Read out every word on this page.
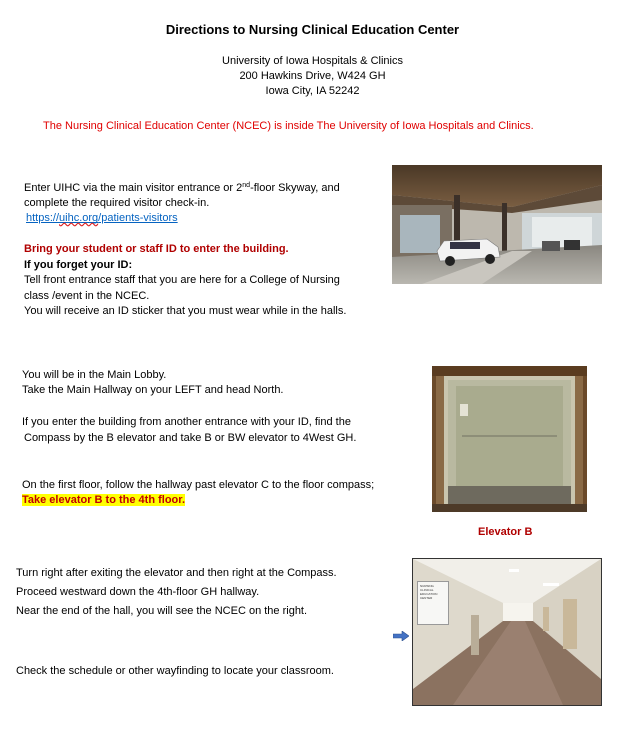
Directions to Nursing Clinical Education Center
University of Iowa Hospitals & Clinics
200 Hawkins Drive, W424 GH
Iowa City, IA 52242
The Nursing Clinical Education Center (NCEC) is inside The University of Iowa Hospitals and Clinics.
Enter UIHC via the main visitor entrance or 2nd-floor Skyway, and
complete the required visitor check-in.
https://uihc.org/patients-visitors
Bring your student or staff ID to enter the building.
If you forget your ID:
Tell front entrance staff that you are here for a College of Nursing
class /event in the NCEC.
You will receive an ID sticker that you must wear while in the halls.
You will be in the Main Lobby.
Take the Main Hallway on your LEFT and head North.
If you enter the building from another entrance with your ID, find the
Compass by the B elevator and take B or BW elevator to 4West GH.
On the first floor, follow the hallway past elevator C to the floor compass;
Take elevator B to the 4th floor.
Elevator B
Turn right after exiting the elevator and then right at the Compass.
Proceed westward down the 4th-floor GH hallway.
Near the end of the hall, you will see the NCEC on the right.
Check the schedule or other wayfinding to locate your classroom.
NURSING
CLINICAL
EDUCATION
CENTER
